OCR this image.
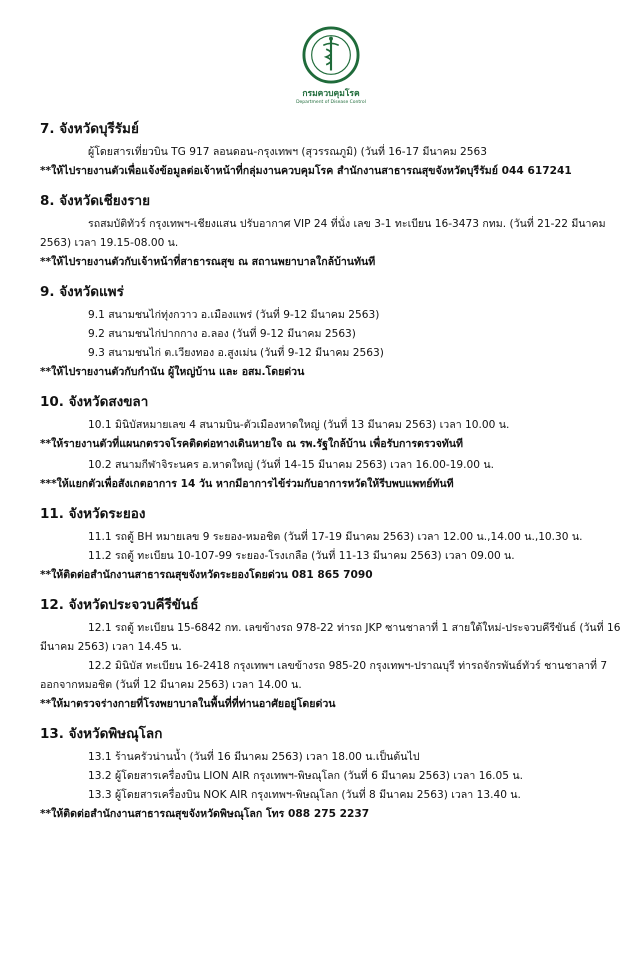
กรมควบคุมโรค
Department of Disease Control
7. จังหวัดบุรีรัมย์
ผู้โดยสารเที่ยวบิน TG 917 ลอนดอน-กรุงเทพฯ (สุวรรณภูมิ) (วันที่ 16-17 มีนาคม 2563
**ให้ไปรายงานตัวเพื่อแจ้งข้อมูลต่อเจ้าหน้าที่กลุ่มงานควบคุมโรค สำนักงานสาธารณสุขจังหวัดบุรีรัมย์ 044 617241
8. จังหวัดเชียงราย
รถสมบัติทัวร์ กรุงเทพฯ-เชียงแสน ปรับอากาศ VIP 24 ที่นั่ง เลข 3-1 ทะเบียน 16-3473 กทม. (วันที่ 21-22 มีนาคม 2563) เวลา 19.15-08.00 น.
**ให้ไปรายงานตัวกับเจ้าหน้าที่สาธารณสุข ณ สถานพยาบาลใกล้บ้านทันที
9. จังหวัดแพร่
9.1 สนามชนไก่ทุ่งกวาว อ.เมืองแพร่ (วันที่ 9-12 มีนาคม 2563)
9.2 สนามชนไก่ปากกาง อ.ลอง (วันที่ 9-12 มีนาคม 2563)
9.3 สนามชนไก่ ต.เวียงทอง อ.สูงเม่น (วันที่ 9-12 มีนาคม 2563)
**ให้ไปรายงานตัวกับกำนัน ผู้ใหญ่บ้าน และ อสม.โดยด่วน
10. จังหวัดสงขลา
10.1 มินิบัสหมายเลข 4 สนามบิน-ตัวเมืองหาดใหญ่ (วันที่ 13 มีนาคม 2563) เวลา 10.00 น.
**ให้รายงานตัวที่แผนกตรวจโรคติดต่อทางเดินหายใจ ณ รพ.รัฐใกล้บ้าน เพื่อรับการตรวจทันที
10.2 สนามกีฬาจิระนคร อ.หาดใหญ่ (วันที่ 14-15 มีนาคม 2563) เวลา 16.00-19.00 น.
***ให้แยกตัวเพื่อสังเกตอาการ 14 วัน หากมีอาการไข้ร่วมกับอาการหวัดให้รีบพบแพทย์ทันที
11. จังหวัดระยอง
11.1 รถตู้ BH หมายเลข 9 ระยอง-หมอชิต (วันที่ 17-19 มีนาคม 2563) เวลา 12.00 น.,14.00 น.,10.30 น.
11.2 รถตู้ ทะเบียน 10-107-99 ระยอง-โรงเกลือ (วันที่ 11-13 มีนาคม 2563) เวลา 09.00 น.
**ให้ติดต่อสำนักงานสาธารณสุขจังหวัดระยองโดยด่วน 081 865 7090
12. จังหวัดประจวบคีรีขันธ์
12.1 รถตู้ ทะเบียน 15-6842 กท. เลขข้างรถ 978-22 ท่ารถ JKP ซานชาลาที่ 1 สายใต้ใหม่-ประจวบคีรีขันธ์ (วันที่ 16 มีนาคม 2563) เวลา 14.45 น.
12.2 มินิบัส ทะเบียน 16-2418 กรุงเทพฯ เลขข้างรถ 985-20 กรุงเทพฯ-ปราณบุรี ท่ารถจักรพันธ์ทัวร์ ชานชาลาที่ 7 ออกจากหมอชิต (วันที่ 12 มีนาคม 2563) เวลา 14.00 น.
**ให้มาตรวจร่างกายที่โรงพยาบาลในพื้นที่ที่ท่านอาศัยอยู่โดยด่วน
13. จังหวัดพิษณุโลก
13.1 ร้านครัวน่านน้ำ (วันที่ 16 มีนาคม 2563) เวลา 18.00 น.เป็นต้นไป
13.2 ผู้โดยสารเครื่องบิน LION AIR กรุงเทพฯ-พิษณุโลก (วันที่ 6 มีนาคม 2563) เวลา 16.05 น.
13.3 ผู้โดยสารเครื่องบิน NOK AIR กรุงเทพฯ-พิษณุโลก (วันที่ 8 มีนาคม 2563) เวลา 13.40 น.
**ให้ติดต่อสำนักงานสาธารณสุขจังหวัดพิษณุโลก โทร 088 275 2237
